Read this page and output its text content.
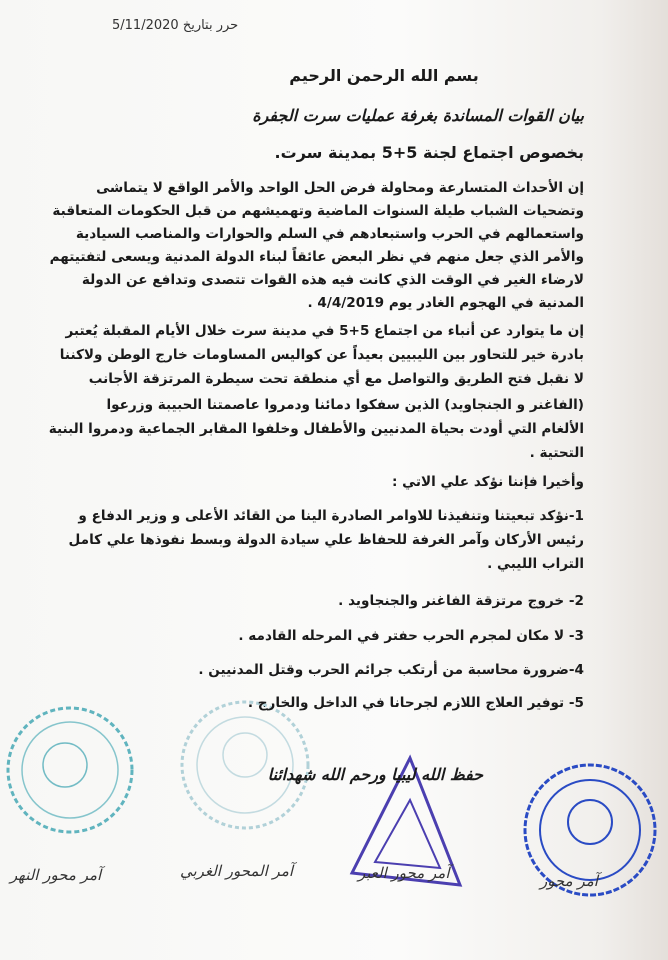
حرر بتاريخ 5/11/2020
بسم الله الرحمن الرحيم
بيان القوات المساندة بغرفة عمليات سرت الجفرة
بخصوص اجتماع لجنة 5+5 بمدينة سرت.
إن الأحداث المتسارعة ومحاولة فرض الحل الواحد والأمر الواقع لا يتماشى
وتضحيات الشباب طيلة السنوات الماضية وتهميشهم من قبل الحكومات المتعاقبة
واستعمالهم في الحرب واستبعادهم في السلم والحوارات والمناصب السيادية
والأمر الذي جعل منهم في نظر البعض عائقاً لبناء الدولة المدنية ويسعى لتفتيتهم
لارضاء الغير في الوقت الذي كانت فيه هذه القوات تتصدى وتدافع عن الدولة
المدنية في الهجوم الغادر يوم 4/4/2019 .
إن ما يتوارد عن أنباء من اجتماع 5+5 في مدينة سرت خلال الأيام المقبلة يُعتبر
بادرة خير للتحاور بين الليبيين بعيداً عن كواليس المساومات خارج الوطن ولاكننا
لا نقبل فتح الطريق والتواصل مع أي منطقة تحت سيطرة المرتزقة الأجانب
(الفاغنر و الجنجاويد) الذين سفكوا دمائنا ودمروا عاصمتنا الحبيبة وزرعوا
الألغام التي أودت بحياة المدنيين والأطفال وخلفوا المقابر الجماعية ودمروا البنية
التحتية .
وأخيرا فإننا نؤكد علي الاتي :
1-نؤكد تبعيتنا وتنفيذنا للاوامر الصادرة الينا من القائد الأعلى و وزير الدفاع و
رئيس الأركان وآمر الغرفة للحفاظ علي سيادة الدولة وبسط نفوذها علي كامل
التراب الليبي .
2- خروج مرتزقة الفاغنر والجنجاويد .
3- لا مكان لمجرم الحرب حفتر في المرحله القادمه .
4-ضرورة محاسبة من أرتكب جرائم الحرب وقتل المدنيين .
5- توفير العلاج اللازم لجرحانا في الداخل والخارج .
حفظ الله ليبيا ورحم الله شهدائنا
آمر محور النهر	آمر المحور الغربي	آمر محور العبر	آمر محور
